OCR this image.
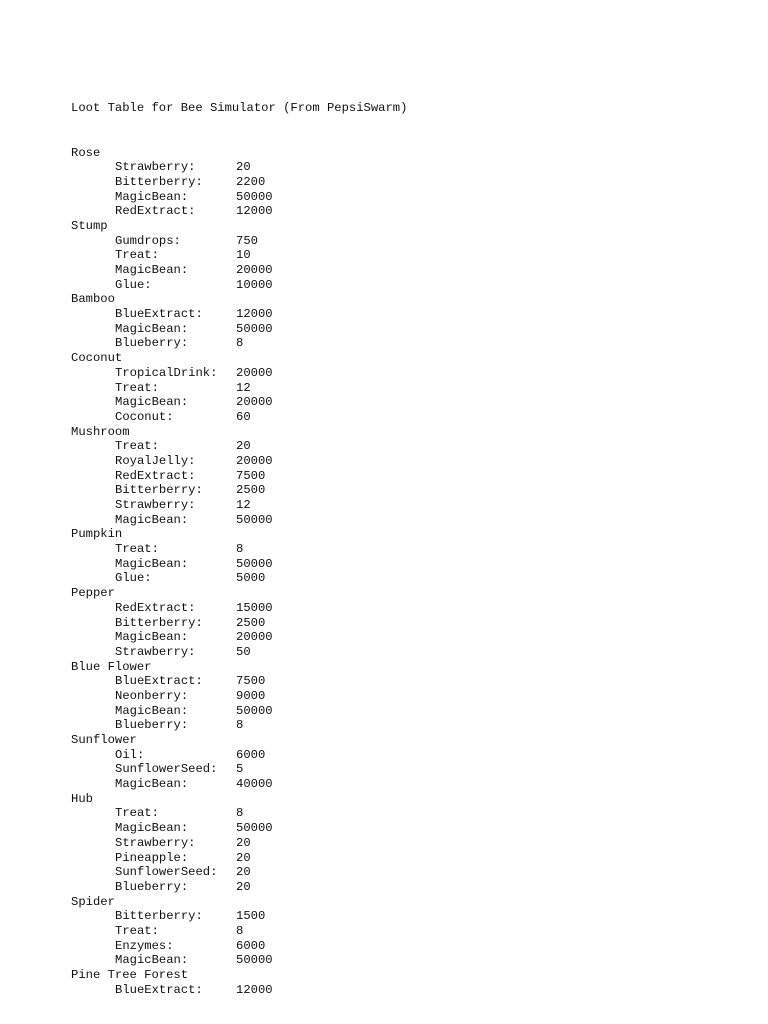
Loot Table for Bee Simulator (From PepsiSwarm)

Rose
Strawberry:	20
Bitterberry:	2200
MagicBean:	50000
RedExtract:	12000
Stump
Gumdrops:	750
Treat:	10
MagicBean:	20000
Glue:	10000
Bamboo
BlueExtract:	12000
MagicBean:	50000
Blueberry:	8
Coconut
TropicalDrink: 20000
Treat:	12
MagicBean:	20000
Coconut:	60
Mushroom
Treat:	20
RoyalJelly:	20000
RedExtract:	7500
Bitterberry:	2500
Strawberry:	12
MagicBean:	50000
Pumpkin
Treat:	8
MagicBean:	50000
Glue:	5000
Pepper
RedExtract:	15000
Bitterberry:	2500
MagicBean:	20000
Strawberry:	50
Blue Flower
BlueExtract:	7500
Neonberry:	9000
MagicBean:	50000
Blueberry:	8
Sunflower
Oil:	6000
SunflowerSeed: 5
MagicBean:	40000
Hub
Treat:	8
MagicBean:	50000
Strawberry:	20
Pineapple:	20
SunflowerSeed: 20
Blueberry:	20
Spider
Bitterberry:	1500
Treat:	8
Enzymes:	6000
MagicBean:	50000
Pine Tree Forest
BlueExtract:	12000
